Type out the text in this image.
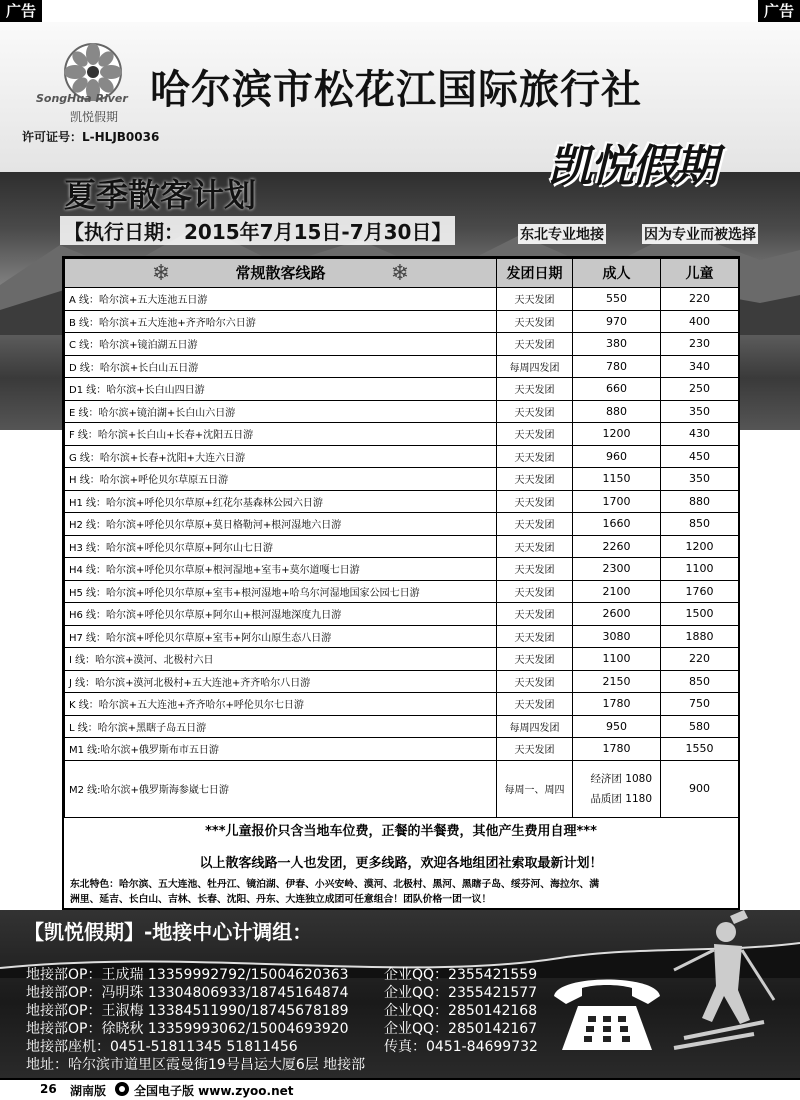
广告	广告
SongHua River
凯悦假期
哈尔滨市松花江国际旅行社
许可证号：L-HLJB0036
凯悦假期
夏季散客计划
【执行日期：2015年7月15日-7月30日】	东北专业地接	因为专业而被选择
❄ 常规散客线路 ❄	发团日期	成人	儿童
A 线：哈尔滨+五大连池五日游	天天发团	550	220
B 线：哈尔滨+五大连池+齐齐哈尔六日游	天天发团	970	400
C 线：哈尔滨+镜泊湖五日游	天天发团	380	230
D 线：哈尔滨+长白山五日游	每周四发团	780	340
D1 线：哈尔滨+长白山四日游	天天发团	660	250
E 线：哈尔滨+镜泊湖+长白山六日游	天天发团	880	350
F 线：哈尔滨+长白山+长春+沈阳五日游	天天发团	1200	430
G 线：哈尔滨+长春+沈阳+大连六日游	天天发团	960	450
H 线：哈尔滨+呼伦贝尔草原五日游	天天发团	1150	350
H1 线：哈尔滨+呼伦贝尔草原+红花尔基森林公园六日游	天天发团	1700	880
H2 线：哈尔滨+呼伦贝尔草原+莫日格勒河+根河湿地六日游	天天发团	1660	850
H3 线：哈尔滨+呼伦贝尔草原+阿尔山七日游	天天发团	2260	1200
H4 线：哈尔滨+呼伦贝尔草原+根河湿地+室韦+莫尔道嘎七日游	天天发团	2300	1100
H5 线：哈尔滨+呼伦贝尔草原+室韦+根河湿地+哈乌尔河湿地国家公园七日游	天天发团	2100	1760
H6 线：哈尔滨+呼伦贝尔草原+阿尔山+根河湿地深度九日游	天天发团	2600	1500
H7 线：哈尔滨+呼伦贝尔草原+室韦+阿尔山原生态八日游	天天发团	3080	1880
I 线：哈尔滨+漠河、北极村六日	天天发团	1100	220
J 线：哈尔滨+漠河北极村+五大连池+齐齐哈尔八日游	天天发团	2150	850
K 线：哈尔滨+五大连池+齐齐哈尔+呼伦贝尔七日游	天天发团	1780	750
L 线：哈尔滨+黑瞎子岛五日游	每周四发团	950	580
M1 线:哈尔滨+俄罗斯布市五日游	天天发团	1780	1550
M2 线:哈尔滨+俄罗斯海参崴七日游	每周一、周四	经济团 1080
品质团 1180	900
***儿童报价只含当地车位费，正餐的半餐费，其他产生费用自理***
以上散客线路一人也发团，更多线路，欢迎各地组团社索取最新计划！
东北特色：哈尔滨、五大连池、牡丹江、镜泊湖、伊春、小兴安岭、漠河、北极村、黑河、黑瞎子岛、绥芬河、海拉尔、满
洲里、延吉、长白山、吉林、长春、沈阳、丹东、大连独立成团可任意组合！团队价格一团一议！
【凯悦假期】-地接中心计调组：
地接部OP：王成瑞 13359992792/15004620363	企业QQ：2355421559
地接部OP：冯明珠 13304806933/18745164874	企业QQ：2355421577
地接部OP：王淑梅 13384511990/18745678189	企业QQ：2850142168
地接部OP：徐晓秋 13359993062/15004693920	企业QQ：2850142167
地接部座机：0451-51811345 51811456	传真：0451-84699732
地址：哈尔滨市道里区霞曼街19号昌运大厦6层 地接部
26 湖南版 全国电子版 www.zyoo.net
